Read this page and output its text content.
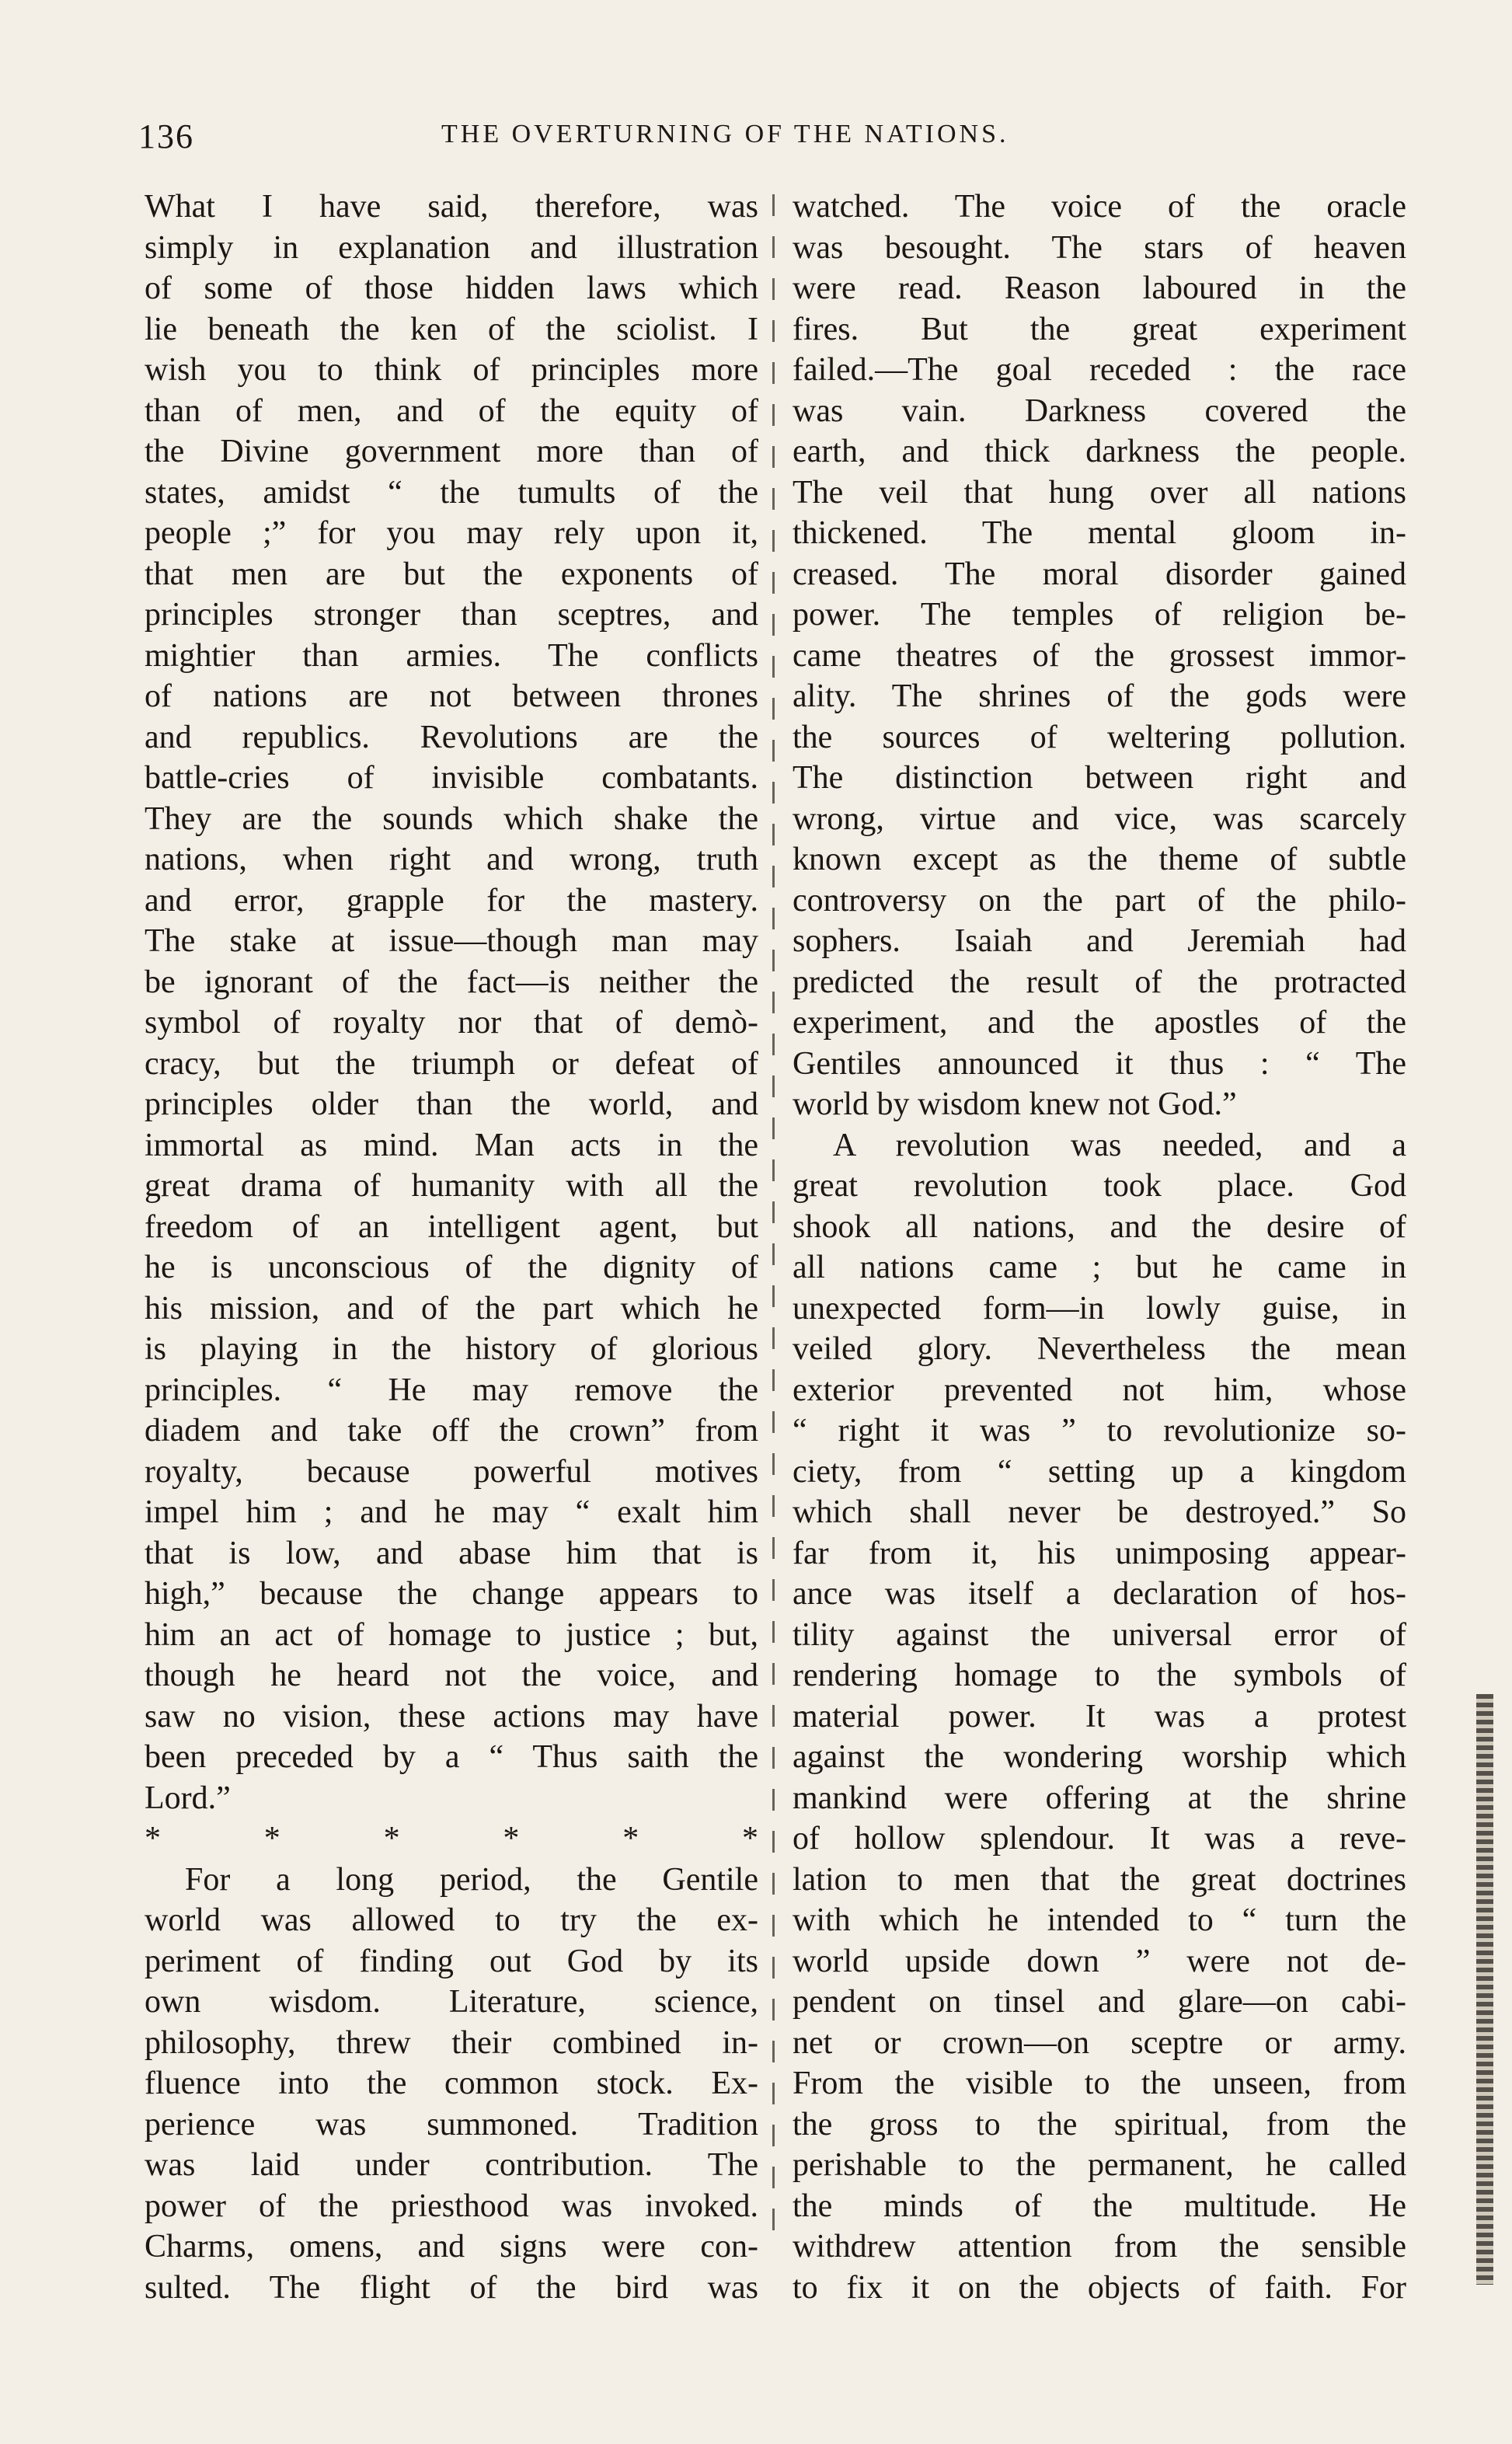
136	THE OVERTURNING OF THE NATIONS.
What I have said, therefore, was
simply in explanation and illustration
of some of those hidden laws which
lie beneath the ken of the sciolist. I
wish you to think of principles more
than of men, and of the equity of
the Divine government more than of
states, amidst “ the tumults of the
people ;” for you may rely upon it,
that men are but the exponents of
principles stronger than sceptres, and
mightier than armies. The conflicts
of nations are not between thrones
and republics. Revolutions are the
battle-cries of invisible combatants.
They are the sounds which shake the
nations, when right and wrong, truth
and error, grapple for the mastery.
The stake at issue—though man may
be ignorant of the fact—is neither the
symbol of royalty nor that of demò-
cracy, but the triumph or defeat of
principles older than the world, and
immortal as mind. Man acts in the
great drama of humanity with all the
freedom of an intelligent agent, but
he is unconscious of the dignity of
his mission, and of the part which he
is playing in the history of glorious
principles. “ He may remove the
diadem and take off the crown” from
royalty, because powerful motives
impel him ; and he may “ exalt him
that is low, and abase him that is
high,” because the change appears to
him an act of homage to justice ; but,
though he heard not the voice, and
saw no vision, these actions may have
been preceded by a “ Thus saith the
Lord.”
*	*	*	*	*	*
For a long period, the Gentile
world was allowed to try the ex-
periment of finding out God by its
own wisdom. Literature, science,
philosophy, threw their combined in-
fluence into the common stock. Ex-
perience was summoned. Tradition
was laid under contribution. The
power of the priesthood was invoked.
Charms, omens, and signs were con-
sulted. The flight of the bird was
watched. The voice of the oracle
was besought. The stars of heaven
were read. Reason laboured in the
fires. But the great experiment
failed.—The goal receded : the race
was vain. Darkness covered the
earth, and thick darkness the people.
The veil that hung over all nations
thickened. The mental gloom in-
creased. The moral disorder gained
power. The temples of religion be-
came theatres of the grossest immor-
ality. The shrines of the gods were
the sources of weltering pollution.
The distinction between right and
wrong, virtue and vice, was scarcely
known except as the theme of subtle
controversy on the part of the philo-
sophers. Isaiah and Jeremiah had
predicted the result of the protracted
experiment, and the apostles of the
Gentiles announced it thus : “ The
world by wisdom knew not God.”
A revolution was needed, and a
great revolution took place. God
shook all nations, and the desire of
all nations came ; but he came in
unexpected form—in lowly guise, in
veiled glory. Nevertheless the mean
exterior prevented not him, whose
“ right it was ” to revolutionize so-
ciety, from “ setting up a kingdom
which shall never be destroyed.” So
far from it, his unimposing appear-
ance was itself a declaration of hos-
tility against the universal error of
rendering homage to the symbols of
material power. It was a protest
against the wondering worship which
mankind were offering at the shrine
of hollow splendour. It was a reve-
lation to men that the great doctrines
with which he intended to “ turn the
world upside down ” were not de-
pendent on tinsel and glare—on cabi-
net or crown—on sceptre or army.
From the visible to the unseen, from
the gross to the spiritual, from the
perishable to the permanent, he called
the minds of the multitude. He
withdrew attention from the sensible
to fix it on the objects of faith. For
